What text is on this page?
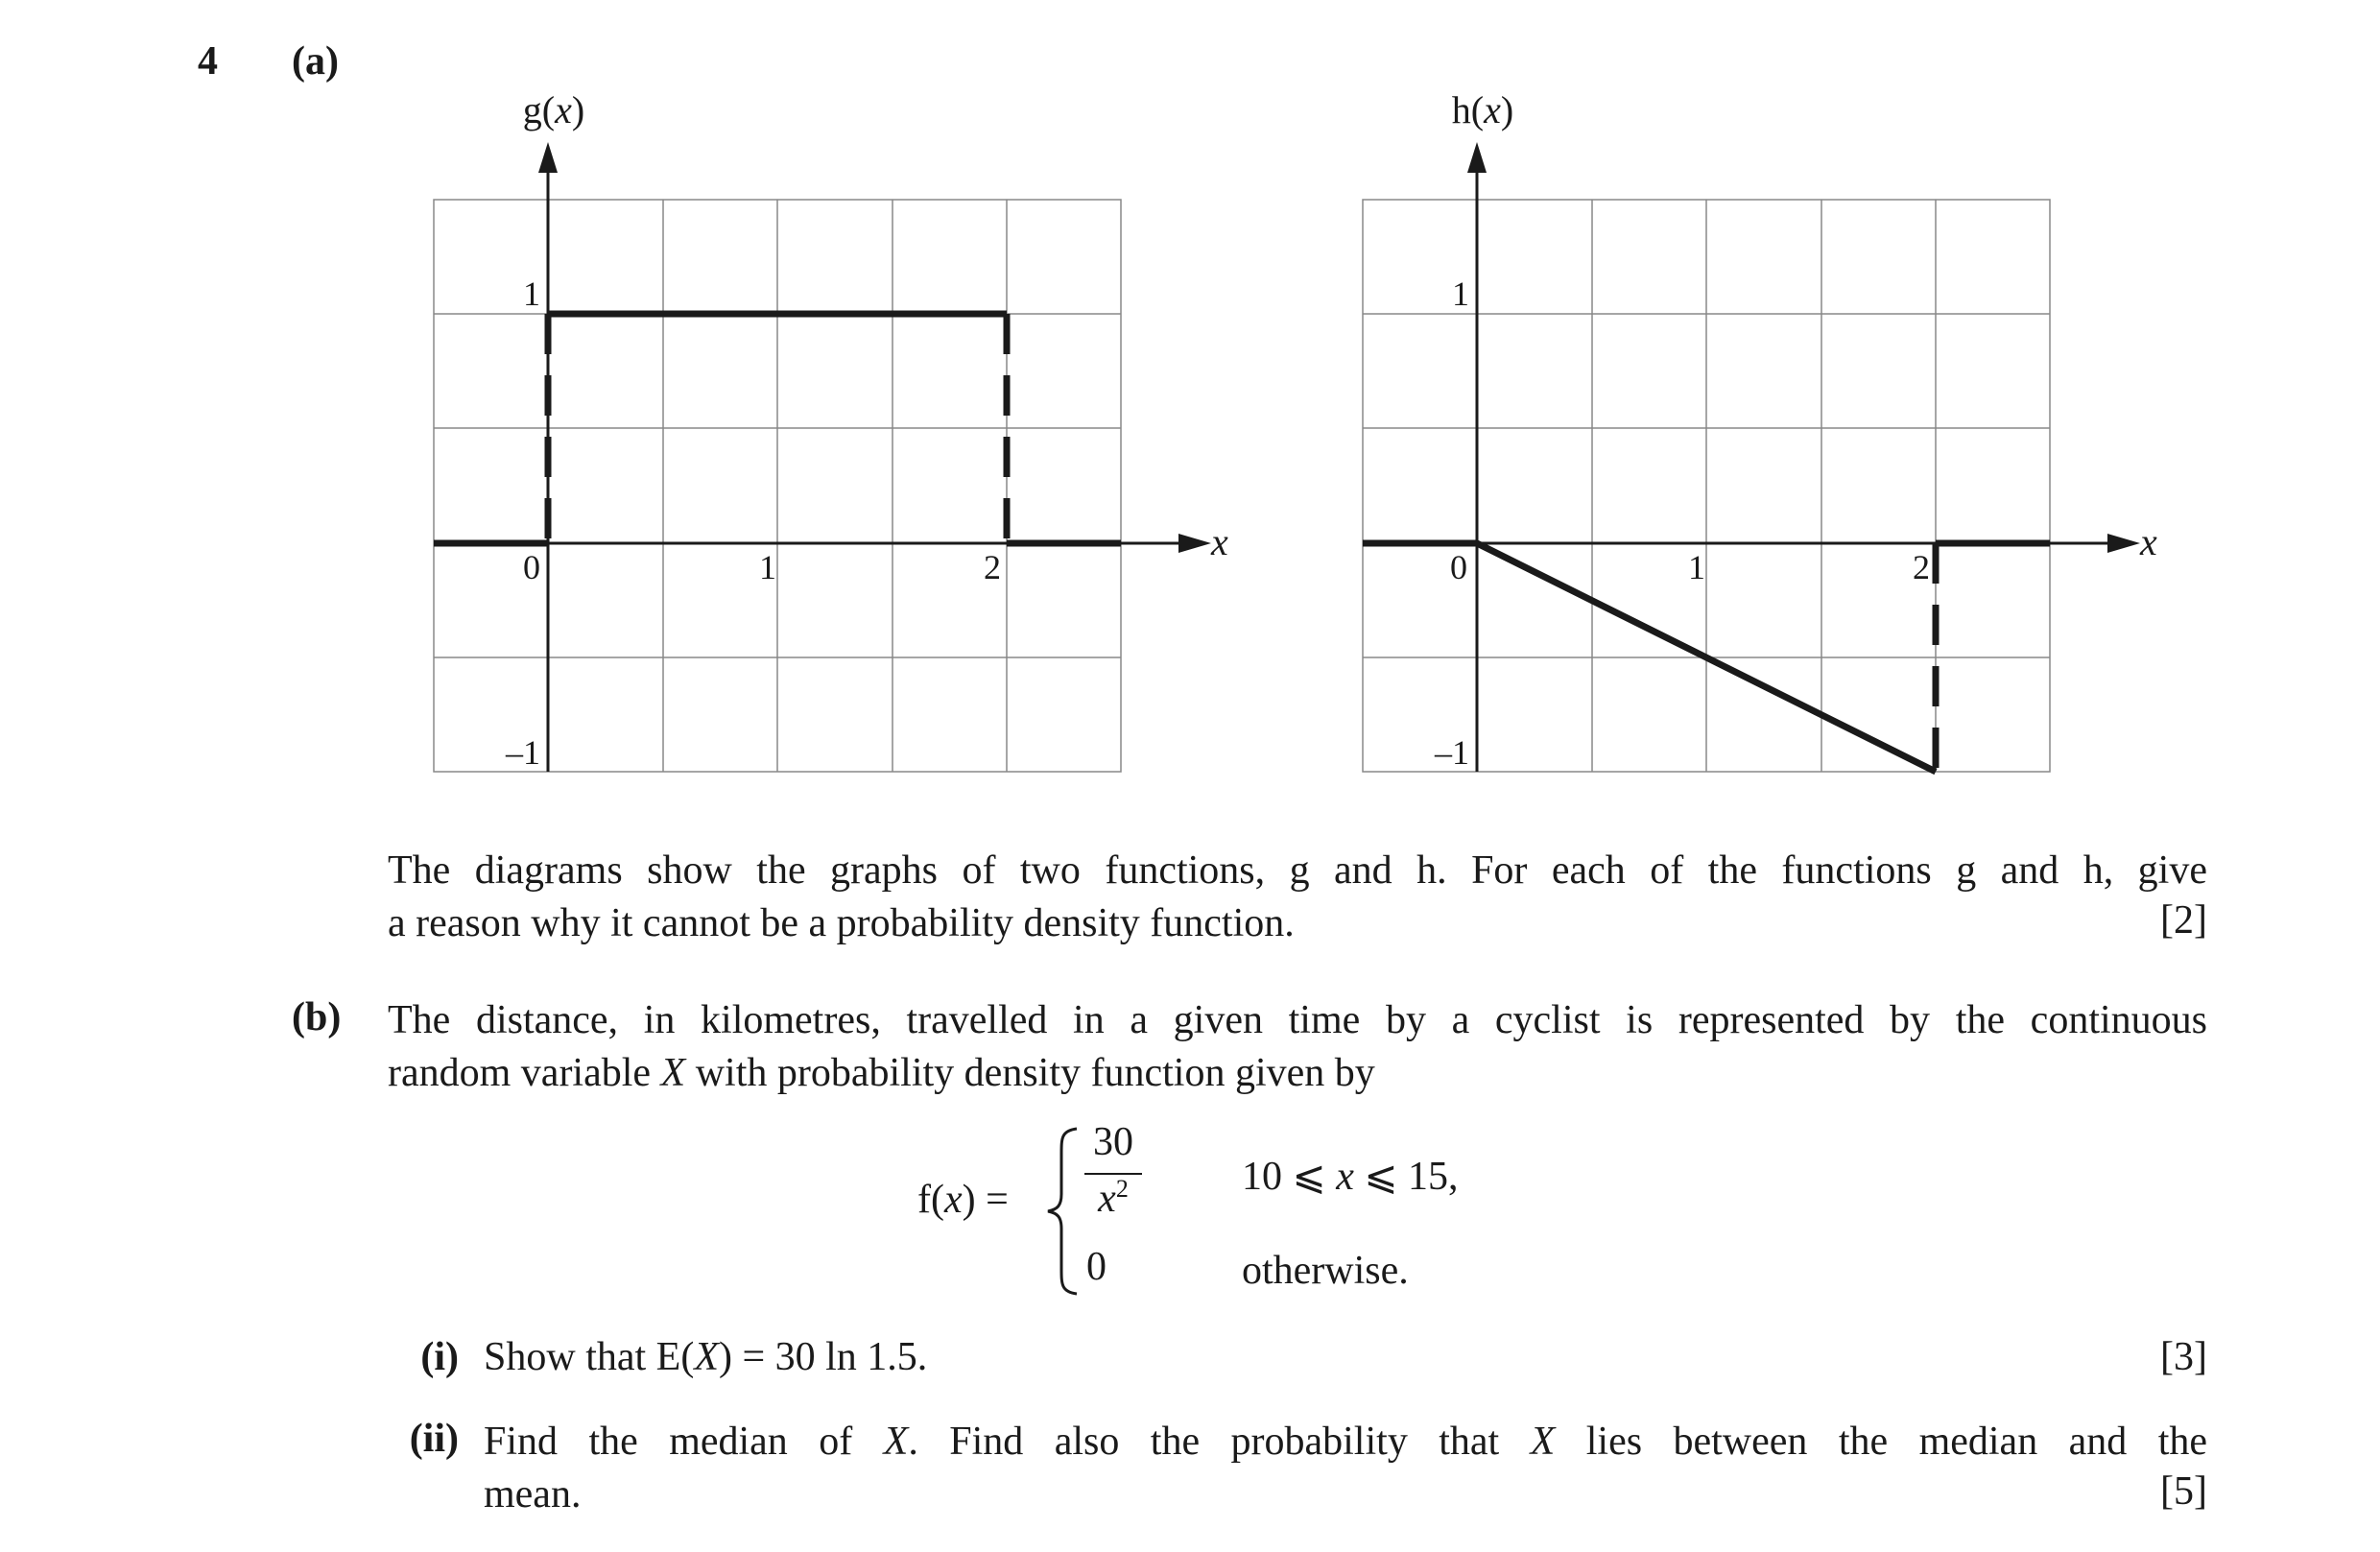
4 (a)
g(x)
x
0	1	2
1
–1
h(x)
x
0	1	2
1
–1
The diagrams show the graphs of two functions, g and h. For each of the functions g and h, give
a reason why it cannot be a probability density function.	[2]
(b) The distance, in kilometres, travelled in a given time by a cyclist is represented by the continuous
random variable X with probability density function given by
f(x) =
30
$x^2$
0
10 ⩽ x ⩽ 15,
otherwise.
(i) Show that E(X) = 30 ln 1.5.	[3]
(ii) Find the median of X. Find also the probability that X lies between the median and the
mean.	[5]
